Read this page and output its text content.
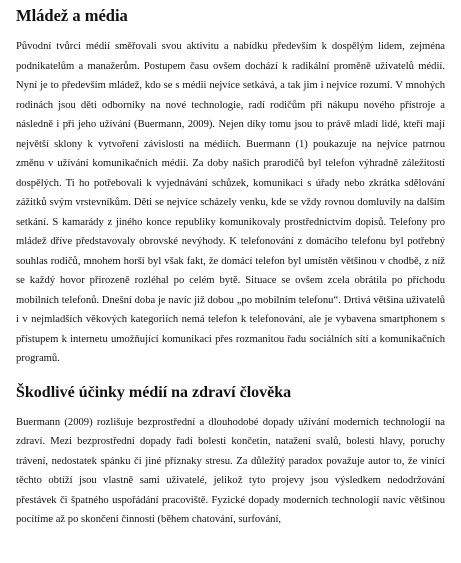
Mládež a média

Původní tvůrci médií směřovali svou aktivitu a nabídku především k dospělým lidem, zejména podnikatelům a manažerům. Postupem času ovšem dochází k radikální proměně uživatelů médií. Nyní je to především mládež, kdo se s médii nejvíce setkává, a tak jim i nejvíce rozumí. V mnohých rodinách jsou děti odborníky na nové technologie, radí rodičům při nákupu nového přístroje a následně i při jeho užívání (Buermann, 2009). Nejen díky tomu jsou to právě mladí lidé, kteří mají největší sklony k vytvoření závislosti na médiích. Buermann (1) poukazuje na nejvíce patrnou změnu v užívání komunikačních médií. Za doby našich prarodičů byl telefon výhradně záležitostí dospělých. Ti ho potřebovali k vyjednávání schůzek, komunikaci s úřady nebo zkrátka sdělování zážitků svým vrstevníkům. Děti se nejvíce scházely venku, kde se vždy rovnou domluvily na dalším setkání. S kamarády z jiného konce republiky komunikovaly prostřednictvím dopisů. Telefony pro mládež dříve představovaly obrovské nevýhody. K telefonování z domácího telefonu byl potřebný souhlas rodičů, mnohem horší byl však fakt, že domácí telefon byl umístěn většinou v chodbě, z níž se každý hovor přirozeně rozléhal po celém bytě. Situace se ovšem zcela obrátila po příchodu mobilních telefonů. Dnešní doba je navíc již dobou „po mobilním telefonu“. Drtivá většina uživatelů i v nejmladších věkových kategoriích nemá telefon k telefonování, ale je vybavena smartphonem s přístupem k internetu umožňující komunikaci přes rozmanitou řadu sociálních sítí a komunikačních programů.

Škodlivé účinky médií na zdraví člověka

Buermann (2009) rozlišuje bezprostřední a dlouhodobé dopady užívání moderních technologií na zdraví. Mezi bezprostřední dopady řadí bolesti končetin, natažení svalů, bolesti hlavy, poruchy trávení, nedostatek spánku či jiné příznaky stresu. Za důležitý paradox považuje autor to, že vinící těchto obtíží jsou vlastně sami uživatelé, jelikož tyto projevy jsou výsledkem nedodržování přestávek či špatného uspořádání pracoviště. Fyzické dopady moderních technologií navíc většinou pocítíme až po skončení činnosti (během chatování, surfování,
